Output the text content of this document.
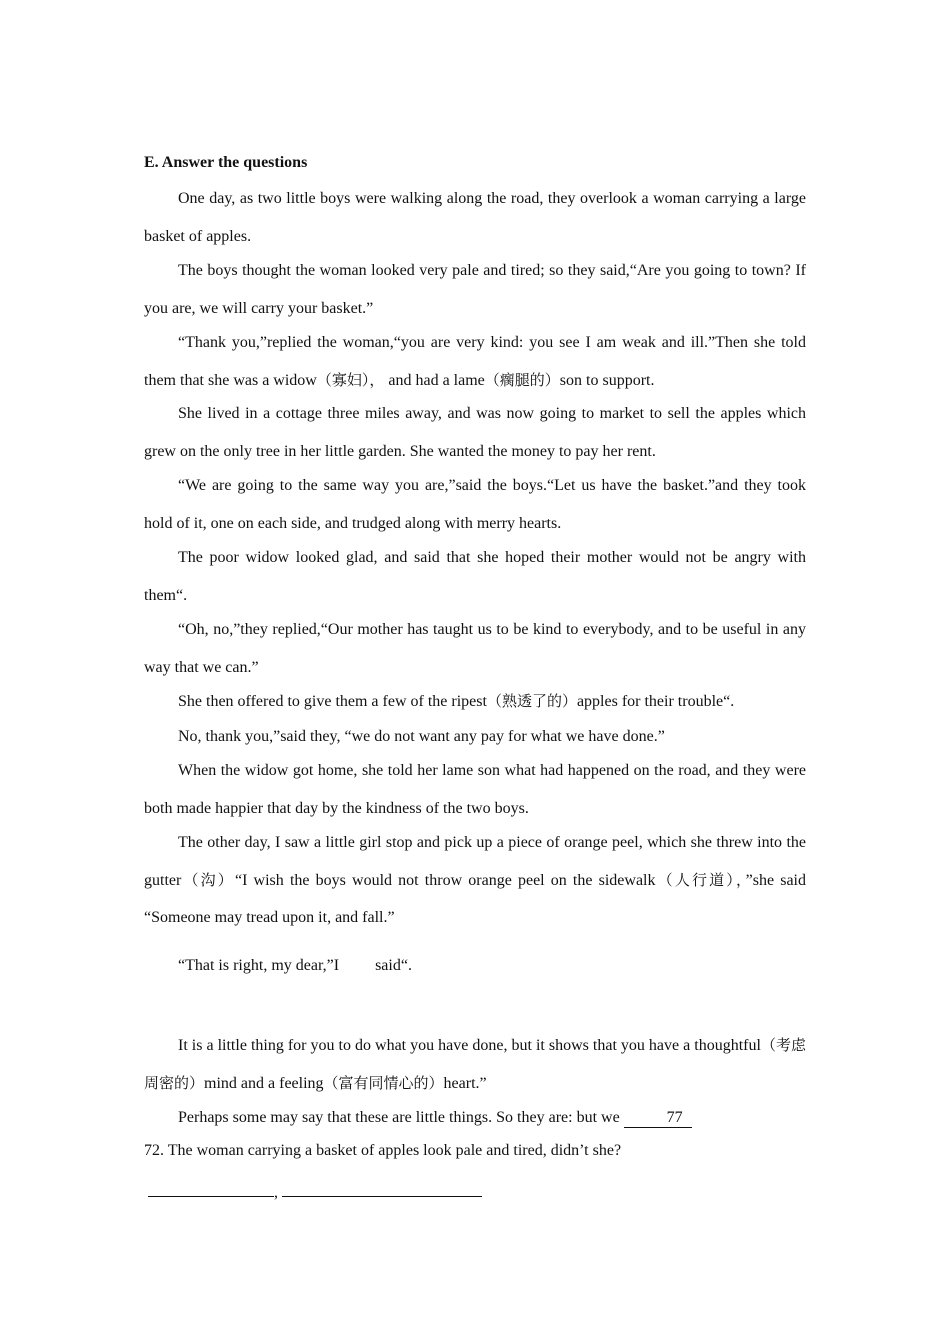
E. Answer the questions
One day, as two little boys were walking along the road, they overlook a woman carrying a large basket of apples.
The boys thought the woman looked very pale and tired; so they said,“Are you going to town? If you are, we will carry your basket.”
“Thank you,”replied the woman,“you are very kind: you see I am weak and ill.”Then she told them that she was a widow（寡妇）， and had a lame（瘸腿的）son to support.
She lived in a cottage three miles away, and was now going to market to sell the apples which grew on the only tree in her little garden. She wanted the money to pay her rent.
“We are going to the same way you are,”said the boys.“Let us have the basket.”and they took hold of it, one on each side, and trudged along with merry hearts.
The poor widow looked glad, and said that she hoped their mother would not be angry with them“.
“Oh, no,”they replied,“Our mother has taught us to be kind to everybody, and to be useful in any way that we can.”
She then offered to give them a few of the ripest（熟透了的）apples for their trouble“.
No, thank you,”said they, “we do not want any pay for what we have done.”
When the widow got home, she told her lame son what had happened on the road, and they were both made happier that day by the kindness of the two boys.
The other day, I saw a little girl stop and pick up a piece of orange peel, which she threw into the gutter（沟）“I wish the boys would not throw orange peel on the sidewalk（人行道），”she said “Someone may tread upon it, and fall.”
“That is right, my dear,”I said“.
It is a little thing for you to do what you have done, but it shows that you have a thoughtful（考虑周密的）mind and a feeling（富有同情心的）heart.”
Perhaps some may say that these are little things. So they are: but we	77
72. The woman carrying a basket of apples look pale and tired, didn’t she?
,
